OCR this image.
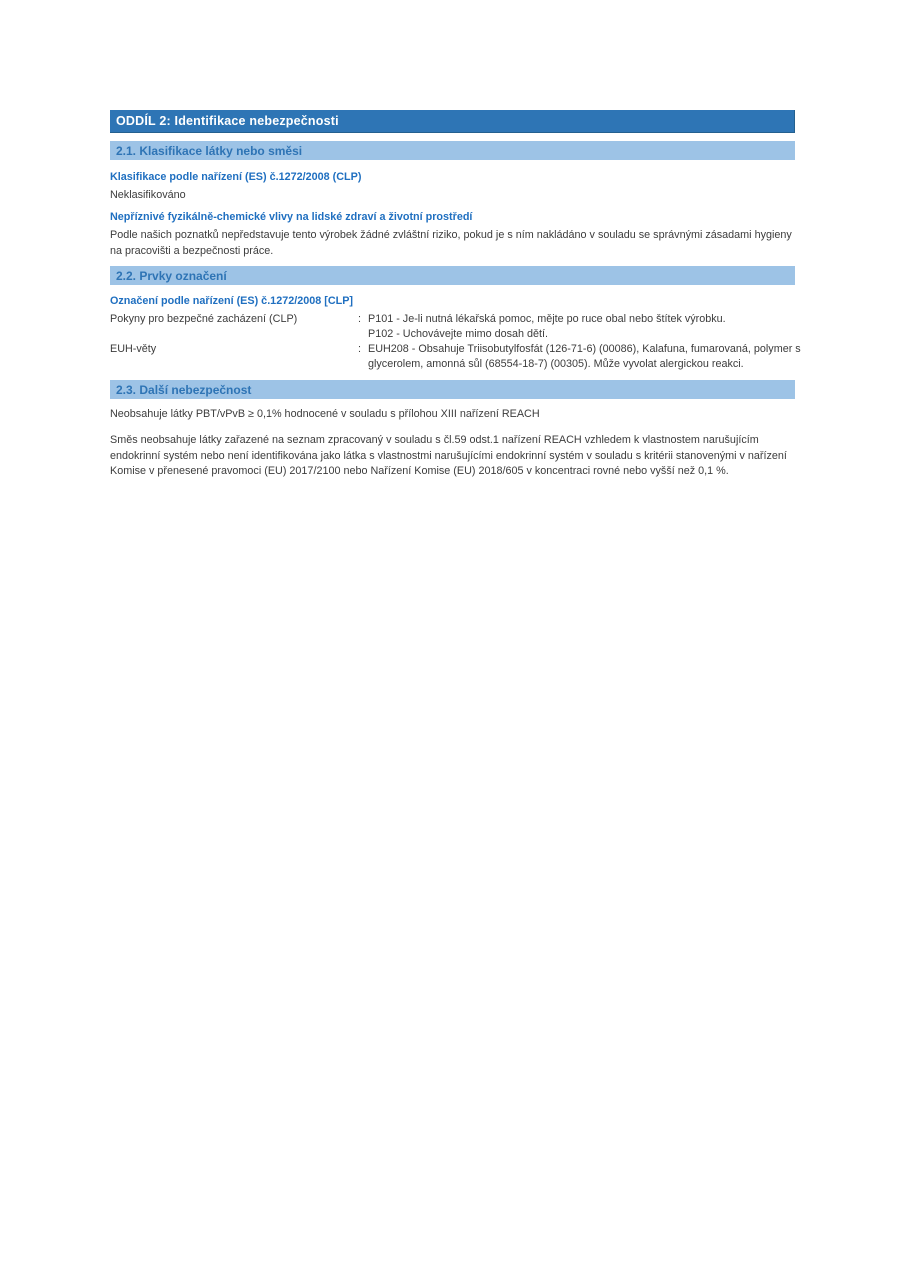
ODDÍL 2: Identifikace nebezpečnosti
2.1. Klasifikace látky nebo směsi
Klasifikace podle nařízení (ES) č.1272/2008 (CLP)
Neklasifikováno
Nepříznivé fyzikálně-chemické vlivy na lidské zdraví a životní prostředí
Podle našich poznatků nepředstavuje tento výrobek žádné zvláštní riziko, pokud je s ním nakládáno v souladu se správnými zásadami hygieny na pracovišti a bezpečnosti práce.
2.2. Prvky označení
Označení podle nařízení (ES) č.1272/2008 [CLP]
Pokyny pro bezpečné zacházení (CLP)	: P101 - Je-li nutná lékařská pomoc, mějte po ruce obal nebo štítek výrobku.
P102 - Uchovávejte mimo dosah dětí.
EUH-věty	: EUH208 - Obsahuje Triisobutylfosfát (126-71-6) (00086), Kalafuna, fumarovaná, polymer s glycerolem, amonná sůl (68554-18-7) (00305). Může vyvolat alergickou reakci.
2.3. Další nebezpečnost
Neobsahuje látky PBT/vPvB ≥ 0,1% hodnocené v souladu s přílohou XIII nařízení REACH
Směs neobsahuje látky zařazené na seznam zpracovaný v souladu s čl.59 odst.1 nařízení REACH vzhledem k vlastnostem narušujícím endokrinní systém nebo není identifikována jako látka s vlastnostmi narušujícími endokrinní systém v souladu s kritérii stanovenými v nařízení Komise v přenesené pravomoci (EU) 2017/2100 nebo Nařízení Komise (EU) 2018/605 v koncentraci rovné nebo vyšší než 0,1 %.
